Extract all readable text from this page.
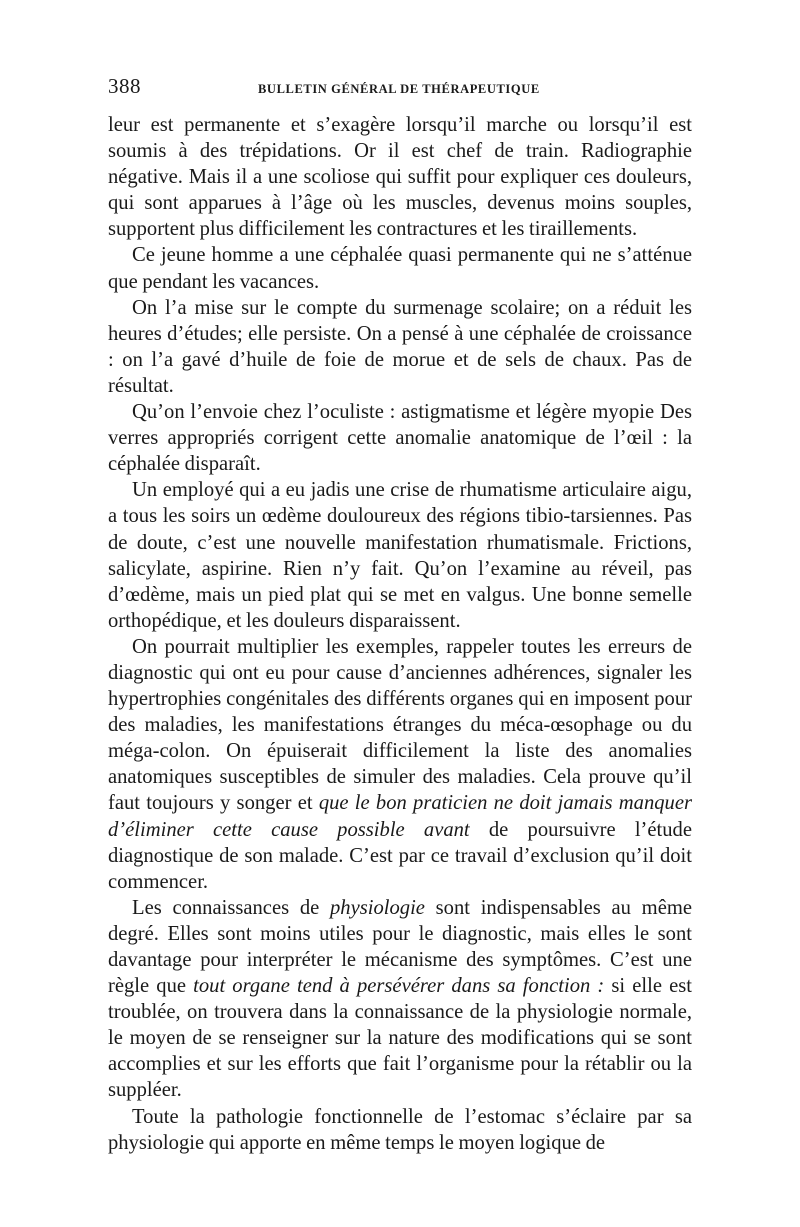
388	BULLETIN GÉNÉRAL DE THÉRAPEUTIQUE

leur est permanente et s’exagère lorsqu’il marche ou lorsqu’il est soumis à des trépidations. Or il est chef de train. Radiographie négative. Mais il a une scoliose qui suffit pour expliquer ces douleurs, qui sont apparues à l’âge où les muscles, devenus moins souples, supportent plus difficilement les contractures et les tiraillements.

Ce jeune homme a une céphalée quasi permanente qui ne s’atténue que pendant les vacances.

On l’a mise sur le compte du surmenage scolaire; on a réduit les heures d’études; elle persiste. On a pensé à une céphalée de croissance : on l’a gavé d’huile de foie de morue et de sels de chaux. Pas de résultat.

Qu’on l’envoie chez l’oculiste : astigmatisme et légère myopie Des verres appropriés corrigent cette anomalie anatomique de l’œil : la céphalée disparaît.

Un employé qui a eu jadis une crise de rhumatisme articulaire aigu, a tous les soirs un œdème douloureux des régions tibio-tarsiennes. Pas de doute, c’est une nouvelle manifestation rhumatismale. Frictions, salicylate, aspirine. Rien n’y fait. Qu’on l’examine au réveil, pas d’œdème, mais un pied plat qui se met en valgus. Une bonne semelle orthopédique, et les douleurs disparaissent.

On pourrait multiplier les exemples, rappeler toutes les erreurs de diagnostic qui ont eu pour cause d’anciennes adhérences, signaler les hypertrophies congénitales des différents organes qui en imposent pour des maladies, les manifestations étranges du méca-œsophage ou du méga-colon. On épuiserait difficilement la liste des anomalies anatomiques susceptibles de simuler des maladies. Cela prouve qu’il faut toujours y songer et que le bon praticien ne doit jamais manquer d’éliminer cette cause possible avant de poursuivre l’étude diagnostique de son malade. C’est par ce travail d’exclusion qu’il doit commencer.

Les connaissances de physiologie sont indispensables au même degré. Elles sont moins utiles pour le diagnostic, mais elles le sont davantage pour interpréter le mécanisme des symptômes. C’est une règle que tout organe tend à persévérer dans sa fonction : si elle est troublée, on trouvera dans la connaissance de la physiologie normale, le moyen de se renseigner sur la nature des modifications qui se sont accomplies et sur les efforts que fait l’organisme pour la rétablir ou la suppléer.

Toute la pathologie fonctionnelle de l’estomac s’éclaire par sa physiologie qui apporte en même temps le moyen logique de
